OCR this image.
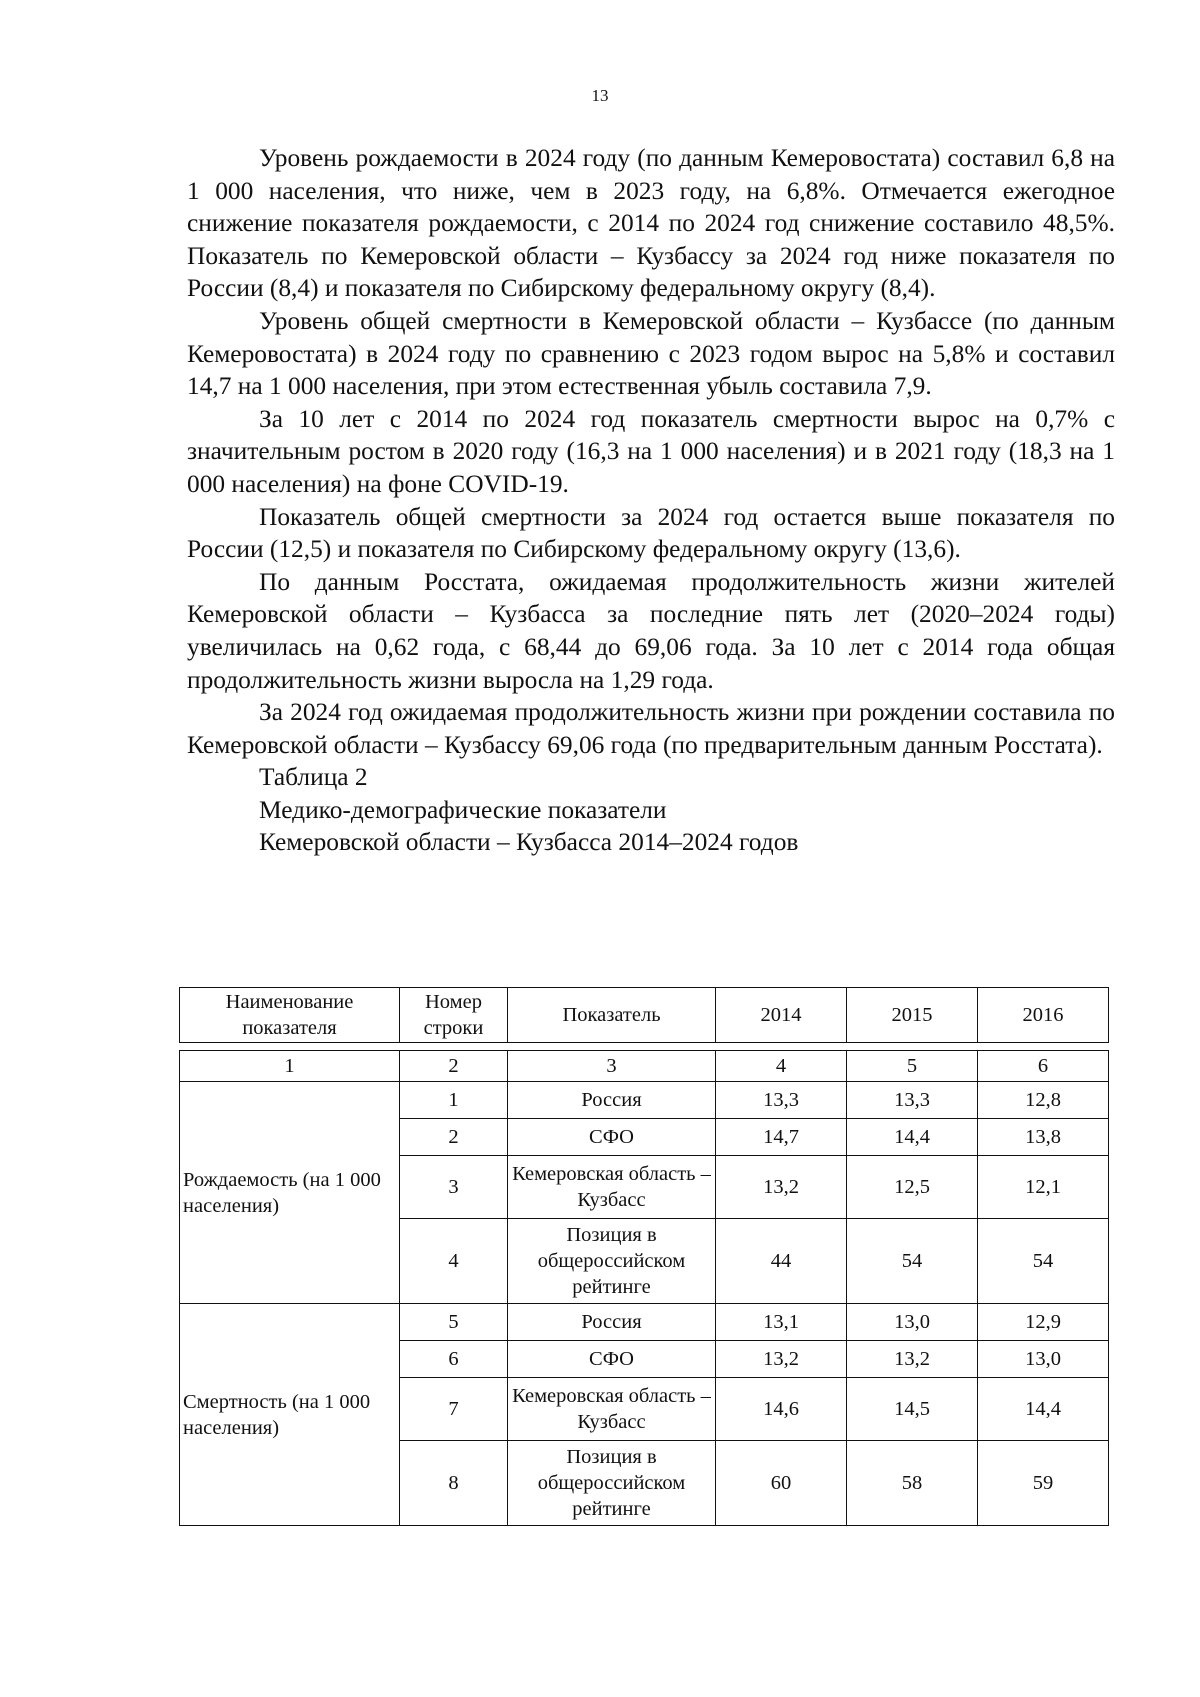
13

Уровень рождаемости в 2024 году (по данным Кемеровостата) составил 6,8 на 1 000 населения, что ниже, чем в 2023 году, на 6,8%. Отмечается ежегодное снижение показателя рождаемости, с 2014 по 2024 год снижение составило 48,5%. Показатель по Кемеровской области – Кузбассу за 2024 год ниже показателя по России (8,4) и показателя по Сибирскому федеральному округу (8,4).

Уровень общей смертности в Кемеровской области – Кузбассе (по данным Кемеровостата) в 2024 году по сравнению с 2023 годом вырос на 5,8% и составил 14,7 на 1 000 населения, при этом естественная убыль составила 7,9.

За 10 лет с 2014 по 2024 год показатель смертности вырос на 0,7% с значительным ростом в 2020 году (16,3 на 1 000 населения) и в 2021 году (18,3 на 1 000 населения) на фоне COVID-19.

Показатель общей смертности за 2024 год остается выше показателя по России (12,5) и показателя по Сибирскому федеральному округу (13,6).

По данным Росстата, ожидаемая продолжительность жизни жителей Кемеровской области – Кузбасса за последние пять лет (2020–2024 годы) увеличилась на 0,62 года, с 68,44 до 69,06 года. За 10 лет с 2014 года общая продолжительность жизни выросла на 1,29 года.

За 2024 год ожидаемая продолжительность жизни при рождении составила по Кемеровской области – Кузбассу 69,06 года (по предварительным данным Росстата).

Таблица 2

Медико-демографические показатели

Кемеровской области – Кузбасса 2014–2024 годов

Наименование показателя	Номер строки	Показатель	2014	2015	2016
1	2	3	4	5	6
Рождаемость (на 1 000 населения)	1	Россия	13,3	13,3	12,8
	2	СФО	14,7	14,4	13,8
	3	Кемеровская область – Кузбасс	13,2	12,5	12,1
	4	Позиция в общероссийском рейтинге	44	54	54
Смертность (на 1 000 населения)	5	Россия	13,1	13,0	12,9
	6	СФО	13,2	13,2	13,0
	7	Кемеровская область – Кузбасс	14,6	14,5	14,4
	8	Позиция в общероссийском рейтинге	60	58	59
